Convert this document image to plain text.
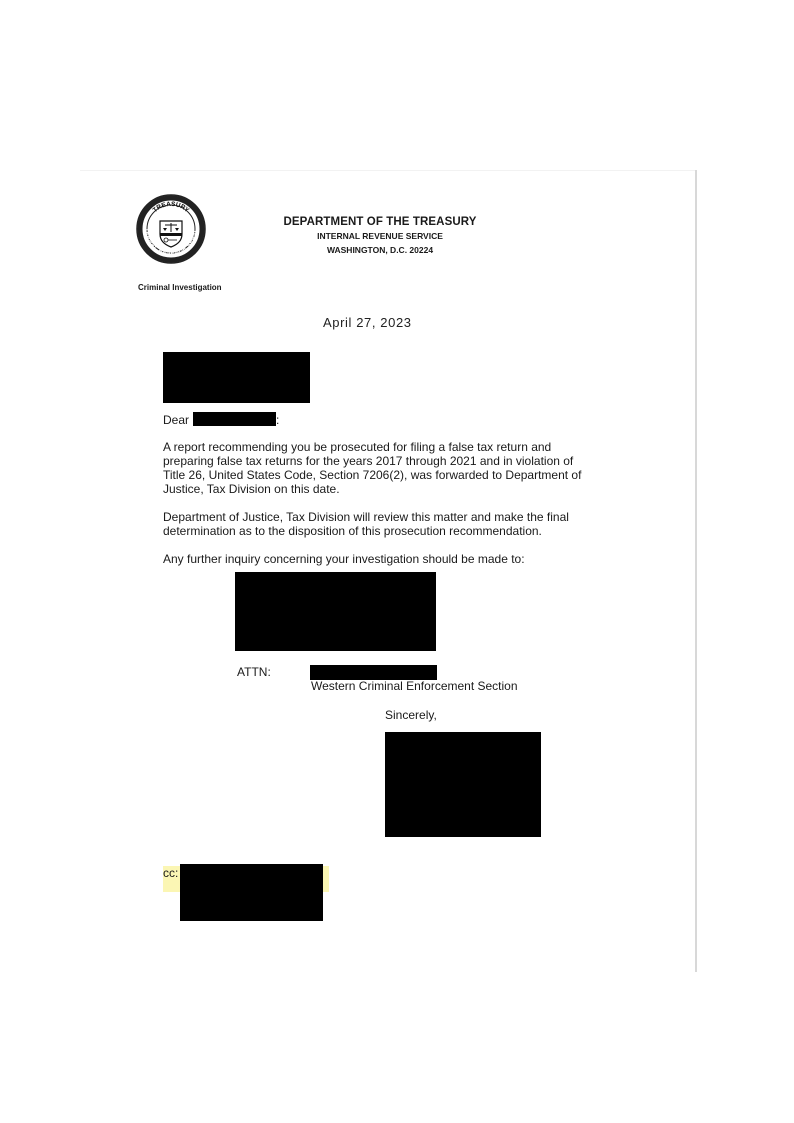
TERNAL REVENUE SERVI
TREASURY
DEPARTMENT OF THE TREASURY
INTERNAL REVENUE SERVICE
WASHINGTON, D.C. 20224
Criminal Investigation
April 27, 2023
Dear	:
A report recommending you be prosecuted for filing a false tax return and
preparing false tax returns for the years 2017 through 2021 and in violation of
Title 26, United States Code, Section 7206(2), was forwarded to Department of
Justice, Tax Division on this date.
Department of Justice, Tax Division will review this matter and make the final
determination as to the disposition of this prosecution recommendation.
Any further inquiry concerning your investigation should be made to:
ATTN:
Western Criminal Enforcement Section
Sincerely,
cc:
